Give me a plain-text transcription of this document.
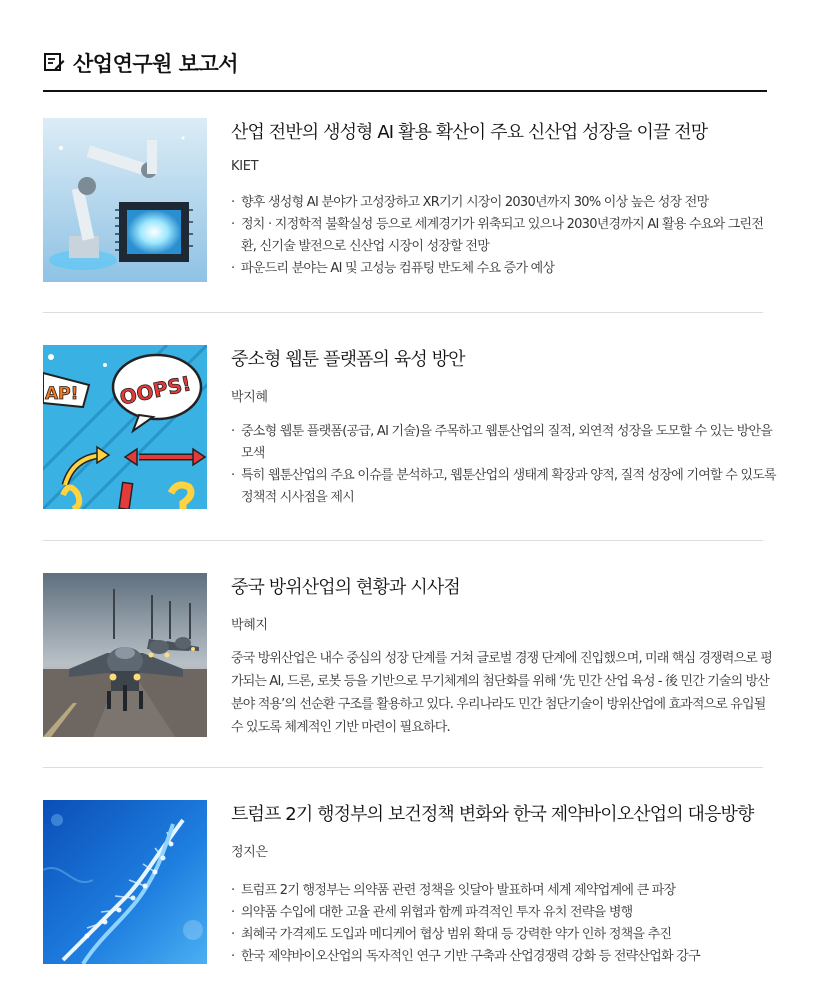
산업연구원 보고서
산업 전반의 생성형 AI 활용 확산이 주요 신산업 성장을 이끌 전망
KIET
· 향후 생성형 AI 분야가 고성장하고 XR기기 시장이 2030년까지 30% 이상 높은 성장 전망
· 정치 · 지정학적 불확실성 등으로 세계경기가 위축되고 있으나 2030년경까지 AI 활용 수요와 그린전환, 신기술 발전으로 신산업 시장이 성장할 전망
· 파운드리 분야는 AI 및 고성능 컴퓨팅 반도체 수요 증가 예상
AP! OOPS!
중소형 웹툰 플랫폼의 육성 방안
박지혜
· 중소형 웹툰 플랫폼(공급, AI 기술)을 주목하고 웹툰산업의 질적, 외연적 성장을 도모할 수 있는 방안을 모색
· 특히 웹툰산업의 주요 이슈를 분석하고, 웹툰산업의 생태계 확장과 양적, 질적 성장에 기여할 수 있도록 정책적 시사점을 제시
중국 방위산업의 현황과 시사점
박혜지

중국 방위산업은 내수 중심의 성장 단계를 거쳐 글로벌 경쟁 단계에 진입했으며, 미래 핵심 경쟁력으로 평가되는 AI, 드론, 로봇 등을 기반으로 무기체계의 첨단화를 위해 ‘先 민간 산업 육성 - 後 민간 기술의 방산 분야 적용’의 선순환 구조를 활용하고 있다. 우리나라도 민간 첨단기술이 방위산업에 효과적으로 유입될 수 있도록 체계적인 기반 마련이 필요하다.

트럼프 2기 행정부의 보건정책 변화와 한국 제약바이오산업의 대응방향
정지은
· 트럼프 2기 행정부는 의약품 관련 정책을 잇달아 발표하며 세계 제약업계에 큰 파장
· 의약품 수입에 대한 고율 관세 위협과 함께 파격적인 투자 유치 전략을 병행
· 최혜국 가격제도 도입과 메디케어 협상 범위 확대 등 강력한 약가 인하 정책을 추진
· 한국 제약바이오산업의 독자적인 연구 기반 구축과 산업경쟁력 강화 등 전략산업화 강구
